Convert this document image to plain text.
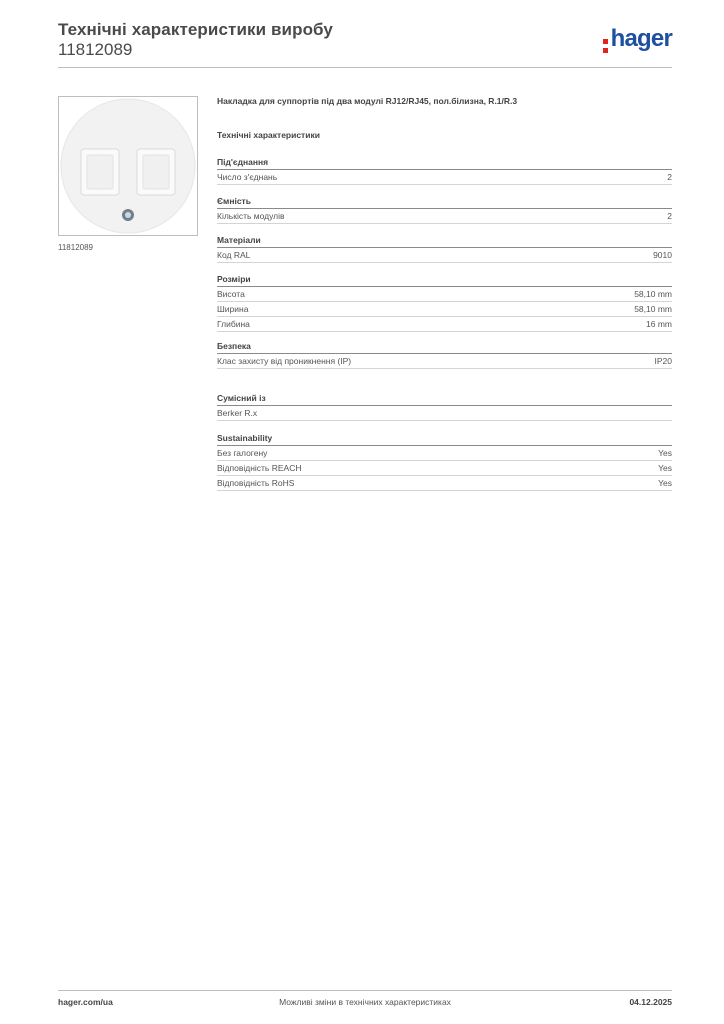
Технічні характеристики виробу
11812089	hager
11812089
Накладка для суппортів під два модулі RJ12/RJ45, пол.білизна, R.1/R.3
Технічні характеристики
Під'єднання
Число з'єднань	2
Ємність
Кількість модулів	2
Матеріали
Код RAL	9010
Розміри
Висота	58,10 mm
Ширина	58,10 mm
Глибина	16 mm
Безпека
Клас захисту від проникнення (IP)	IP20
Сумісний із
Berker R.x
Sustainability
Без галогену	Yes
Відповідність REACH	Yes
Відповідність RoHS	Yes
Можливі зміни в технічних характеристиках
hager.com/ua	04.12.2025
